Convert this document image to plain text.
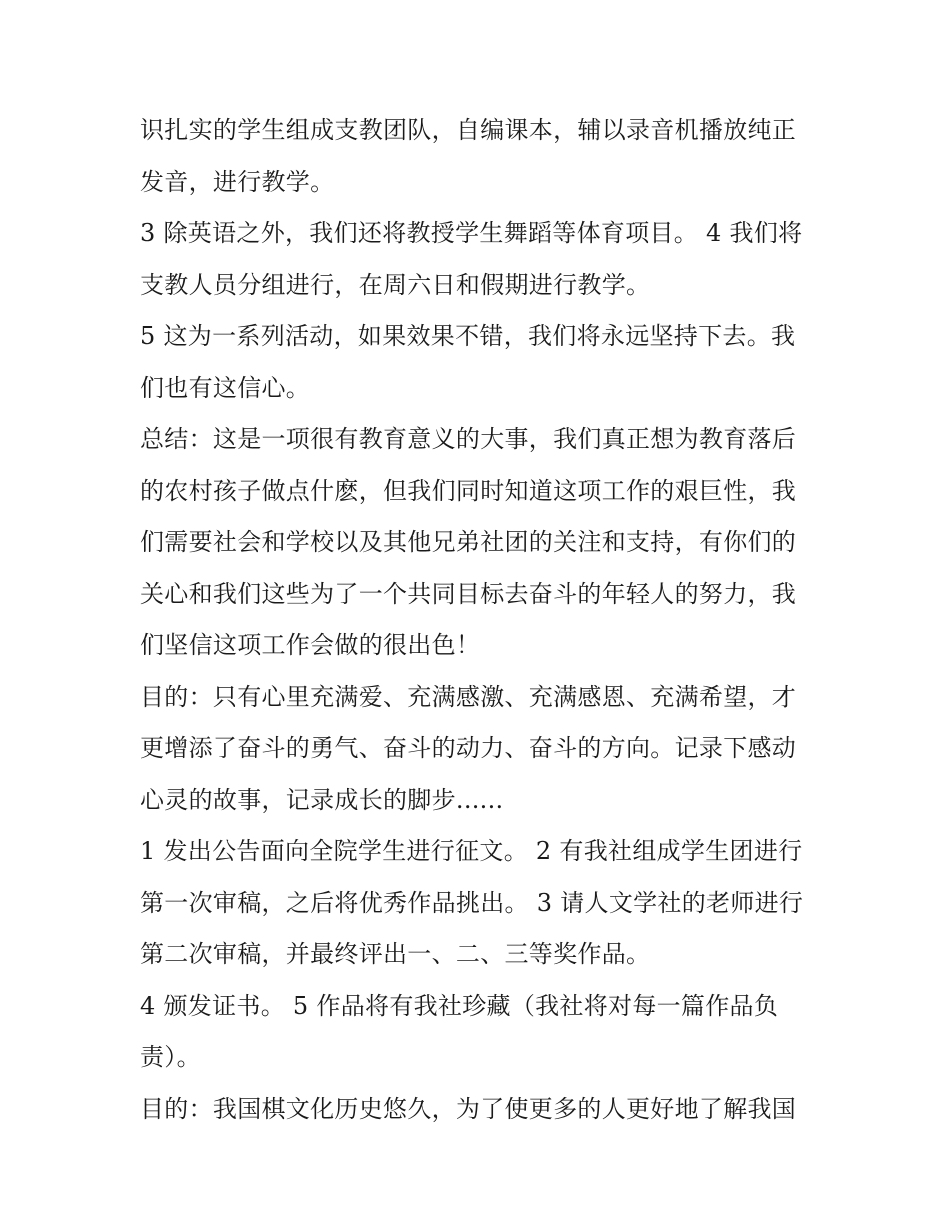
识扎实的学生组成支教团队，自编课本，辅以录音机播放纯正
发音，进行教学。
3 除英语之外，我们还将教授学生舞蹈等体育项目。 4 我们将
支教人员分组进行，在周六日和假期进行教学。
5 这为一系列活动，如果效果不错，我们将永远坚持下去。我
们也有这信心。
总结：这是一项很有教育意义的大事，我们真正想为教育落后
的农村孩子做点什麽，但我们同时知道这项工作的艰巨性，我
们需要社会和学校以及其他兄弟社团的关注和支持，有你们的
关心和我们这些为了一个共同目标去奋斗的年轻人的努力，我
们坚信这项工作会做的很出色！
目的：只有心里充满爱、充满感激、充满感恩、充满希望，才
更增添了奋斗的勇气、奋斗的动力、奋斗的方向。记录下感动
心灵的故事，记录成长的脚步......
1 发出公告面向全院学生进行征文。 2 有我社组成学生团进行
第一次审稿，之后将优秀作品挑出。 3 请人文学社的老师进行
第二次审稿，并最终评出一、二、三等奖作品。
4 颁发证书。 5 作品将有我社珍藏（我社将对每一篇作品负
责）。
目的：我国棋文化历史悠久，为了使更多的人更好地了解我国
